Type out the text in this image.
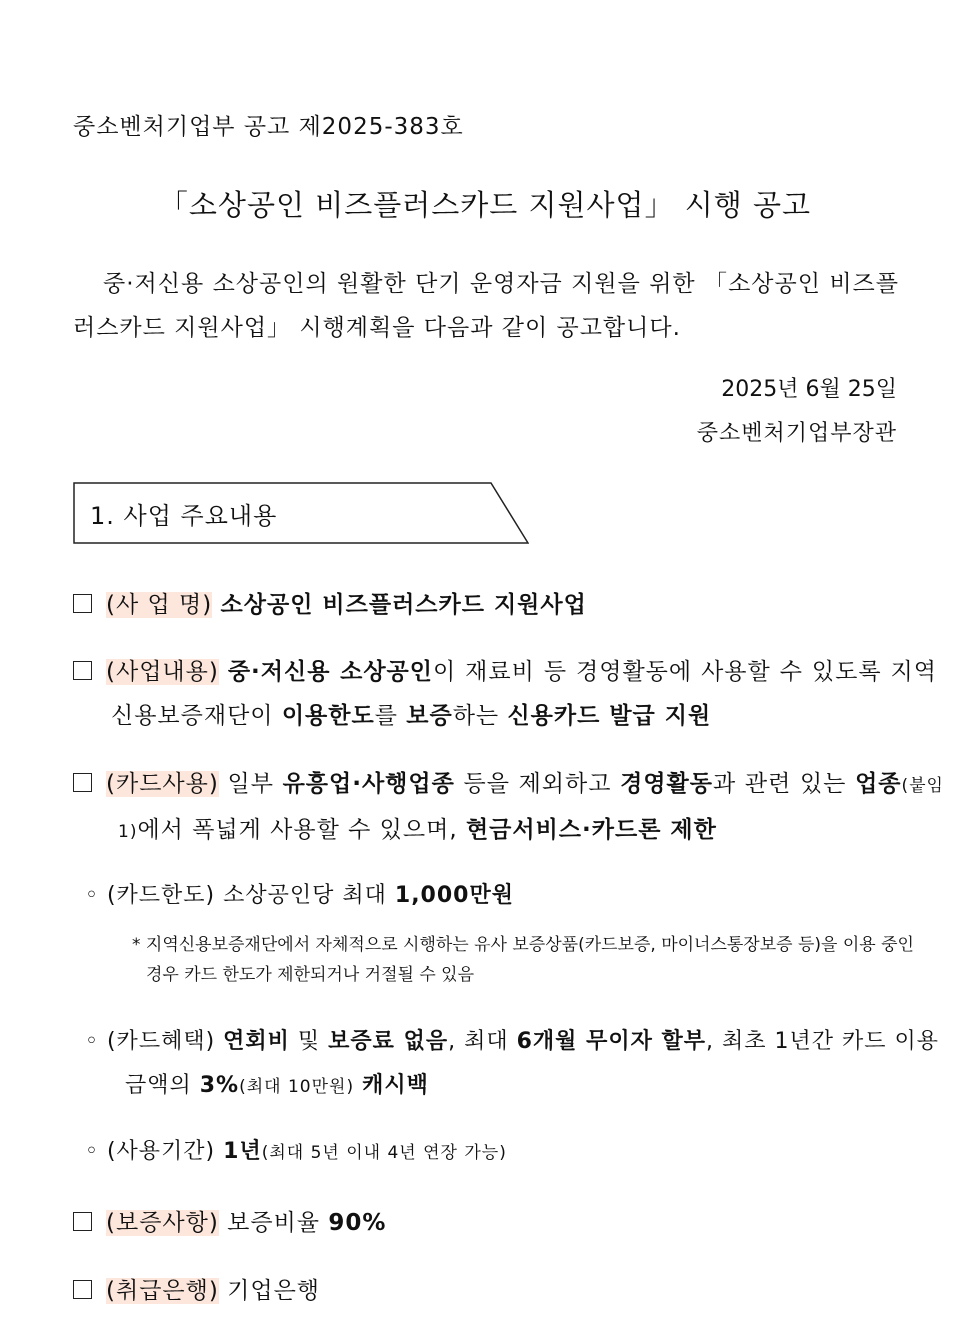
중소벤처기업부 공고 제2025-383호
「소상공인 비즈플러스카드 지원사업」 시행 공고
중·저신용 소상공인의 원활한 단기 운영자금 지원을 위한 「소상공인 비즈플러스카드 지원사업」 시행계획을 다음과 같이 공고합니다.
2025년 6월 25일
중소벤처기업부장관
1. 사업 주요내용
(사 업 명) 소상공인 비즈플러스카드 지원사업
(사업내용) 중·저신용 소상공인이 재료비 등 경영활동에 사용할 수 있도록 지역신용보증재단이 이용한도를 보증하는 신용카드 발급 지원
(카드사용) 일부 유흥업·사행업종 등을 제외하고 경영활동과 관련 있는 업종(붙임1)에서 폭넓게 사용할 수 있으며, 현금서비스·카드론 제한
◦ (카드한도) 소상공인당 최대 1,000만원
* 지역신용보증재단에서 자체적으로 시행하는 유사 보증상품(카드보증, 마이너스통장보증 등)을 이용 중인 경우 카드 한도가 제한되거나 거절될 수 있음
◦ (카드혜택) 연회비 및 보증료 없음, 최대 6개월 무이자 할부, 최초 1년간 카드 이용금액의 3%(최대 10만원) 캐시백
◦ (사용기간) 1년(최대 5년 이내 4년 연장 가능)
(보증사항) 보증비율 90%
(취급은행) 기업은행
